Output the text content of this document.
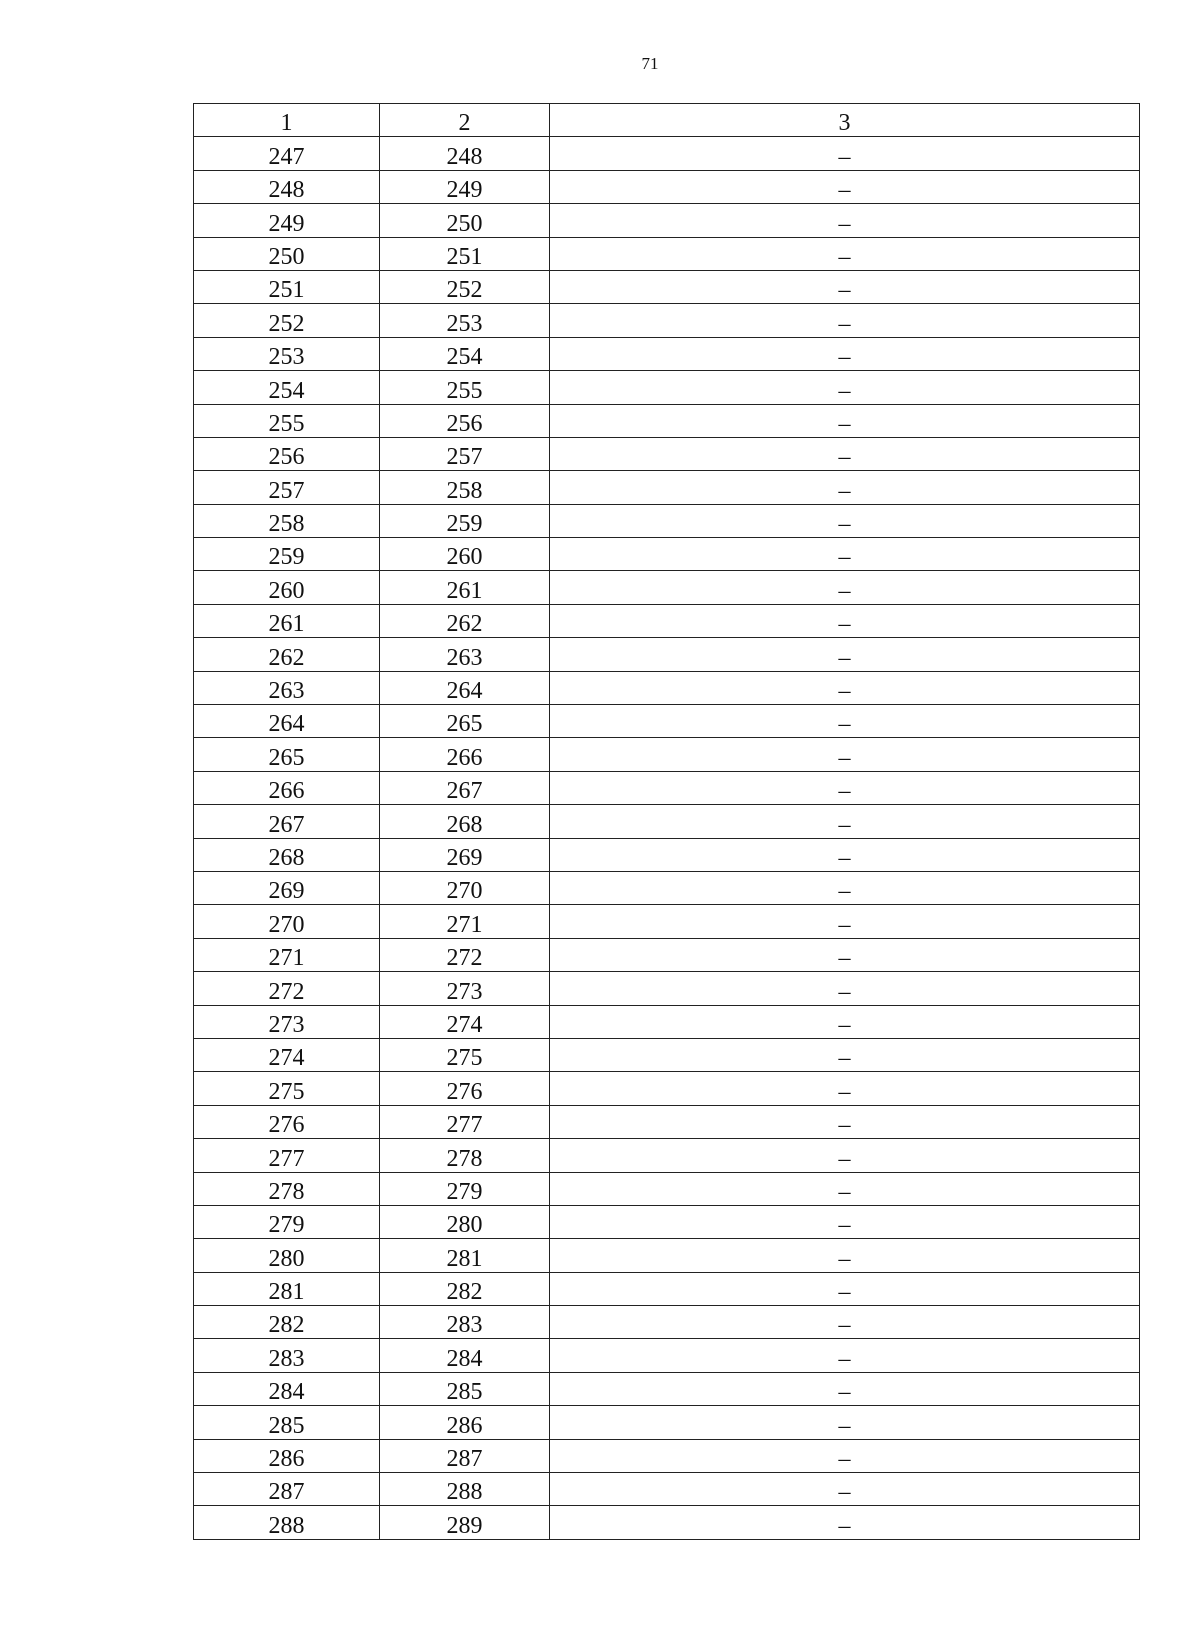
71
1	2	3
247	248	–
248	249	–
249	250	–
250	251	–
251	252	–
252	253	–
253	254	–
254	255	–
255	256	–
256	257	–
257	258	–
258	259	–
259	260	–
260	261	–
261	262	–
262	263	–
263	264	–
264	265	–
265	266	–
266	267	–
267	268	–
268	269	–
269	270	–
270	271	–
271	272	–
272	273	–
273	274	–
274	275	–
275	276	–
276	277	–
277	278	–
278	279	–
279	280	–
280	281	–
281	282	–
282	283	–
283	284	–
284	285	–
285	286	–
286	287	–
287	288	–
288	289	–
